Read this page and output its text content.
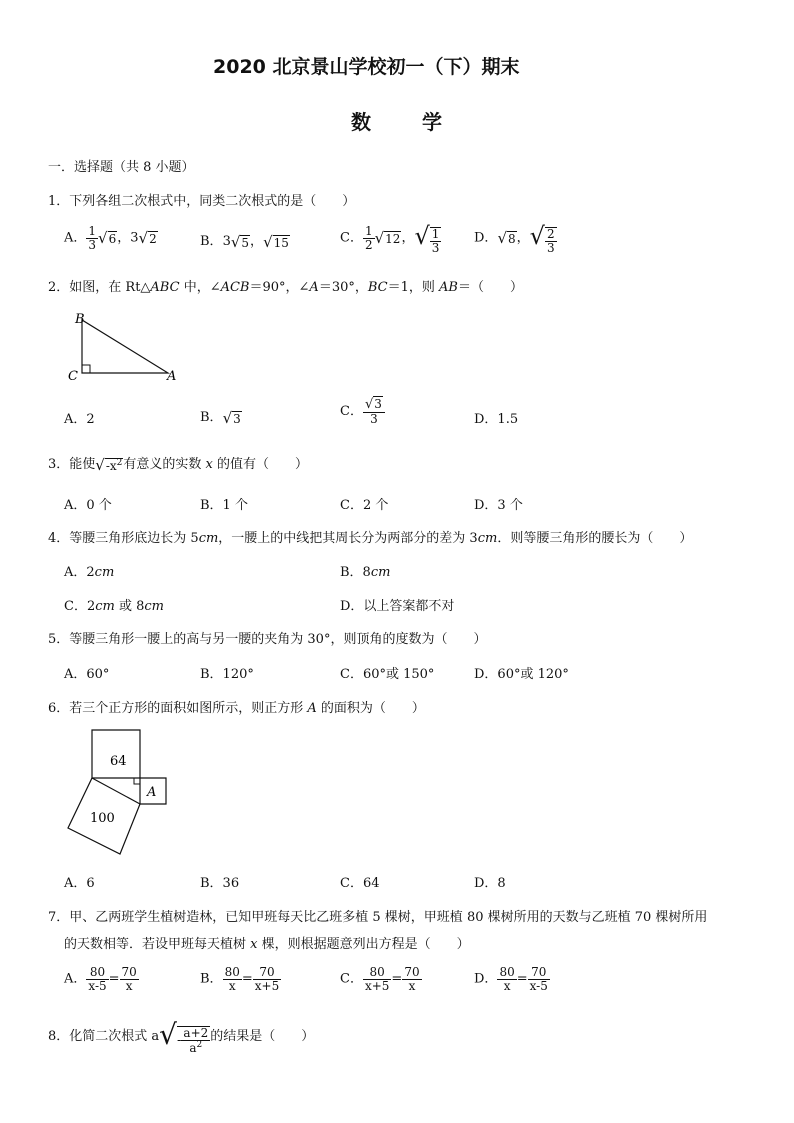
2020 北京景山学校初一（下）期末
数	学
一．选择题（共 8 小题）
1．下列各组二次根式中，同类二次根式的是（　　）
A． $\frac{1}{3} √6$，3√2	B．3√5，√15	C． $\frac{1}{2} √12$，√ $\frac{1}{3}$	D．√8，√ $\frac{2}{3}$
2．如图，在 Rt△ABC 中，∠ACB＝90°，∠A＝30°，BC＝1，则 AB＝（　　）
B
C	A
A．2	B．√3	C． $\frac{√3}{3}$	D．1.5
3．能使$√-x^2$有意义的实数 x 的值有（　　）
A．0 个	B．1 个	C．2 个	D．3 个
4．等腰三角形底边长为 5cm，一腰上的中线把其周长分为两部分的差为 3cm．则等腰三角形的腰长为（　　）
A．2cm	B．8cm
C．2cm 或 8cm	D．以上答案都不对
5．等腰三角形一腰上的高与另一腰的夹角为 30°，则顶角的度数为（　　）
A．60°	B．120°	C．60°或 150°	D．60°或 120°
6．若三个正方形的面积如图所示，则正方形 A 的面积为（　　）
64
A
100
A．6	B．36	C．64	D．8
7．甲、乙两班学生植树造林，已知甲班每天比乙班多植 5 棵树，甲班植 80 棵树所用的天数与乙班植 70 棵树所用
的天数相等．若设甲班每天植树 x 棵，则根据题意列出方程是（　　）
A． $\frac{80}{x-5} = \frac{70}{x}$	B． $\frac{80}{x} = \frac{70}{x+5}$	C． $\frac{80}{x+5} = \frac{70}{x}$	D． $\frac{80}{x} = \frac{70}{x-5}$
8．化简二次根式 $a√- \frac{a+2}{a^2}$ 的结果是（　　）
